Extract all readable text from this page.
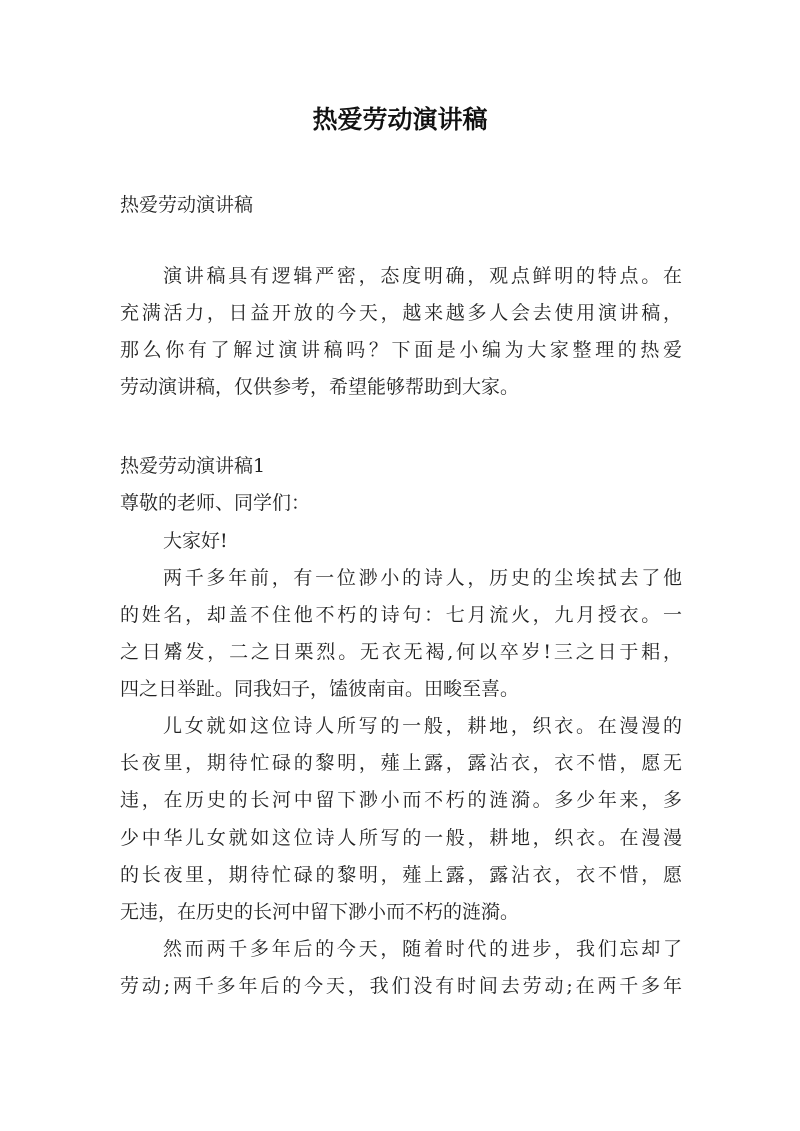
热爱劳动演讲稿
热爱劳动演讲稿
演讲稿具有逻辑严密，态度明确，观点鲜明的特点。在
充满活力，日益开放的今天，越来越多人会去使用演讲稿，
那么你有了解过演讲稿吗？下面是小编为大家整理的热爱
劳动演讲稿，仅供参考，希望能够帮助到大家。
热爱劳动演讲稿1
尊敬的老师、同学们：
大家好!
两千多年前，有一位渺小的诗人，历史的尘埃拭去了他
的姓名，却盖不住他不朽的诗句：七月流火，九月授衣。一
之日觱发，二之日栗烈。无衣无褐,何以卒岁!三之日于耜，
四之日举趾。同我妇子，馌彼南亩。田畯至喜。
儿女就如这位诗人所写的一般，耕地，织衣。在漫漫的
长夜里，期待忙碌的黎明，薤上露，露沾衣，衣不惜，愿无
违，在历史的长河中留下渺小而不朽的涟漪。多少年来，多
少中华儿女就如这位诗人所写的一般，耕地，织衣。在漫漫
的长夜里，期待忙碌的黎明，薤上露，露沾衣，衣不惜，愿
无违，在历史的长河中留下渺小而不朽的涟漪。
然而两千多年后的今天，随着时代的进步，我们忘却了
劳动;两千多年后的今天，我们没有时间去劳动;在两千多年
